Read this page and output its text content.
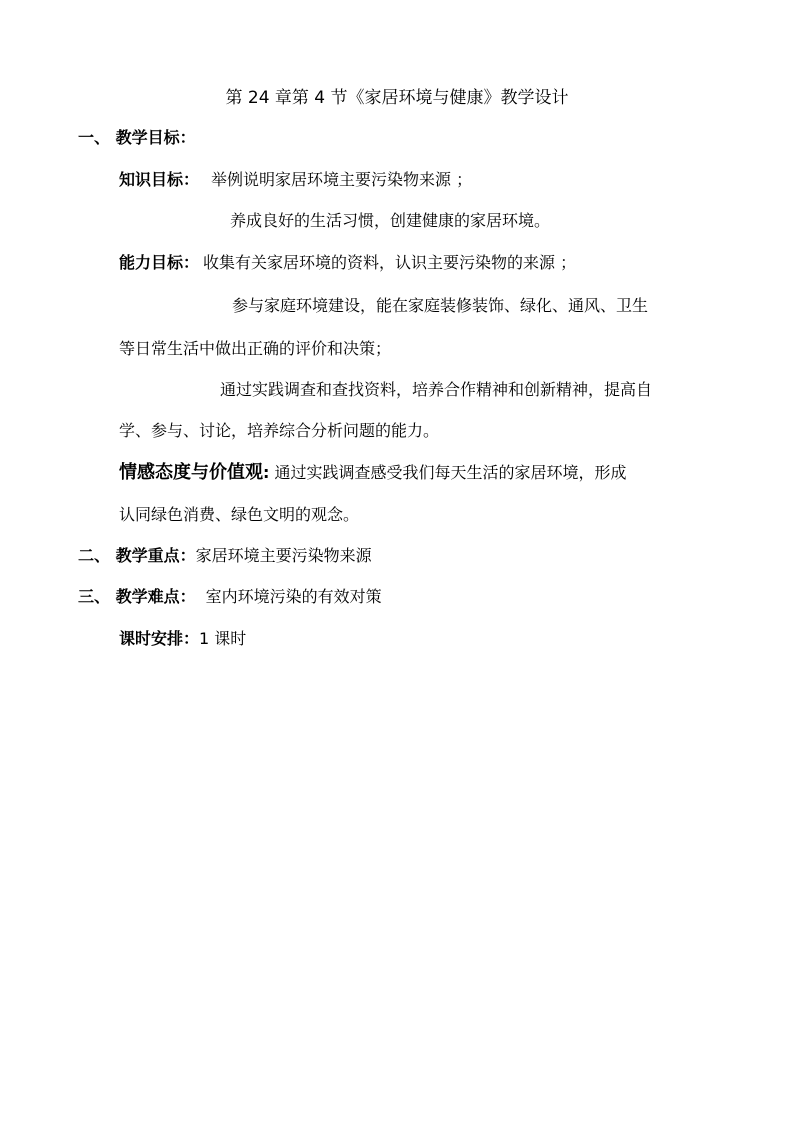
第 24 章第 4 节《家居环境与健康》教学设计
一、 教学目标：
知识目标： 举例说明家居环境主要污染物来源 ；
养成良好的生活习惯，创建健康的家居环境。
能力目标： 收集有关家居环境的资料，认识主要污染物的来源 ；
参与家庭环境建设，能在家庭装修装饰、绿化、通风、卫生
等日常生活中做出正确的评价和决策；
通过实践调查和查找资料，培养合作精神和创新精神，提高自
学、参与、讨论，培养综合分析问题的能力。
情感态度与价值观: 通过实践调查感受我们每天生活的家居环境，形成
认同绿色消费、绿色文明的观念。
二、 教学重点：家居环境主要污染物来源
三、 教学难点： 室内环境污染的有效对策
课时安排：1 课时
